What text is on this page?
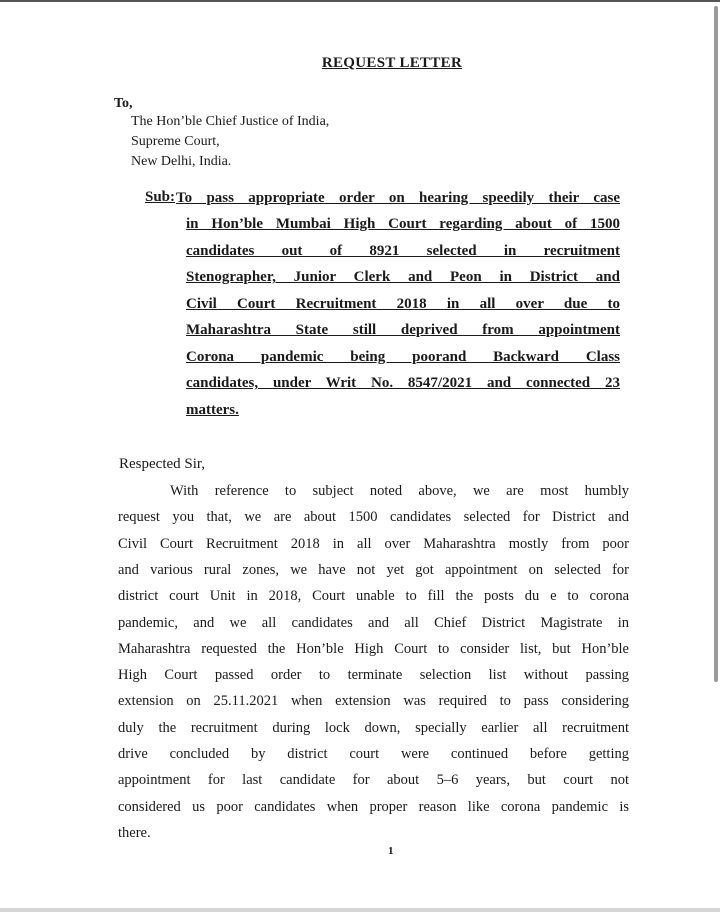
REQUEST LETTER
To,
The Hon’ble Chief Justice of India,
Supreme Court,
New Delhi, India.
Sub: To pass appropriate order on hearing speedily their case
in Hon’ble Mumbai High Court regarding about of 1500
candidates out of 8921 selected in recruitment
Stenographer, Junior Clerk and Peon in District and
Civil Court Recruitment 2018 in all over due to
Maharashtra State still deprived from appointment
Corona pandemic being poorand Backward Class
candidates, under Writ No. 8547/2021 and connected 23
matters.
Respected Sir,
With reference to subject noted above, we are most humbly
request you that, we are about 1500 candidates selected for District and
Civil Court Recruitment 2018 in all over Maharashtra mostly from poor
and various rural zones, we have not yet got appointment on selected for
district court Unit in 2018, Court unable to fill the posts du e to corona
pandemic, and we all candidates and all Chief District Magistrate in
Maharashtra requested the Hon’ble High Court to consider list, but Hon’ble
High Court passed order to terminate selection list without passing
extension on 25.11.2021 when extension was required to pass considering
duly the recruitment during lock down, specially earlier all recruitment
drive concluded by district court were continued before getting
appointment for last candidate for about 5–6 years, but court not
considered us poor candidates when proper reason like corona pandemic is
there.
1
